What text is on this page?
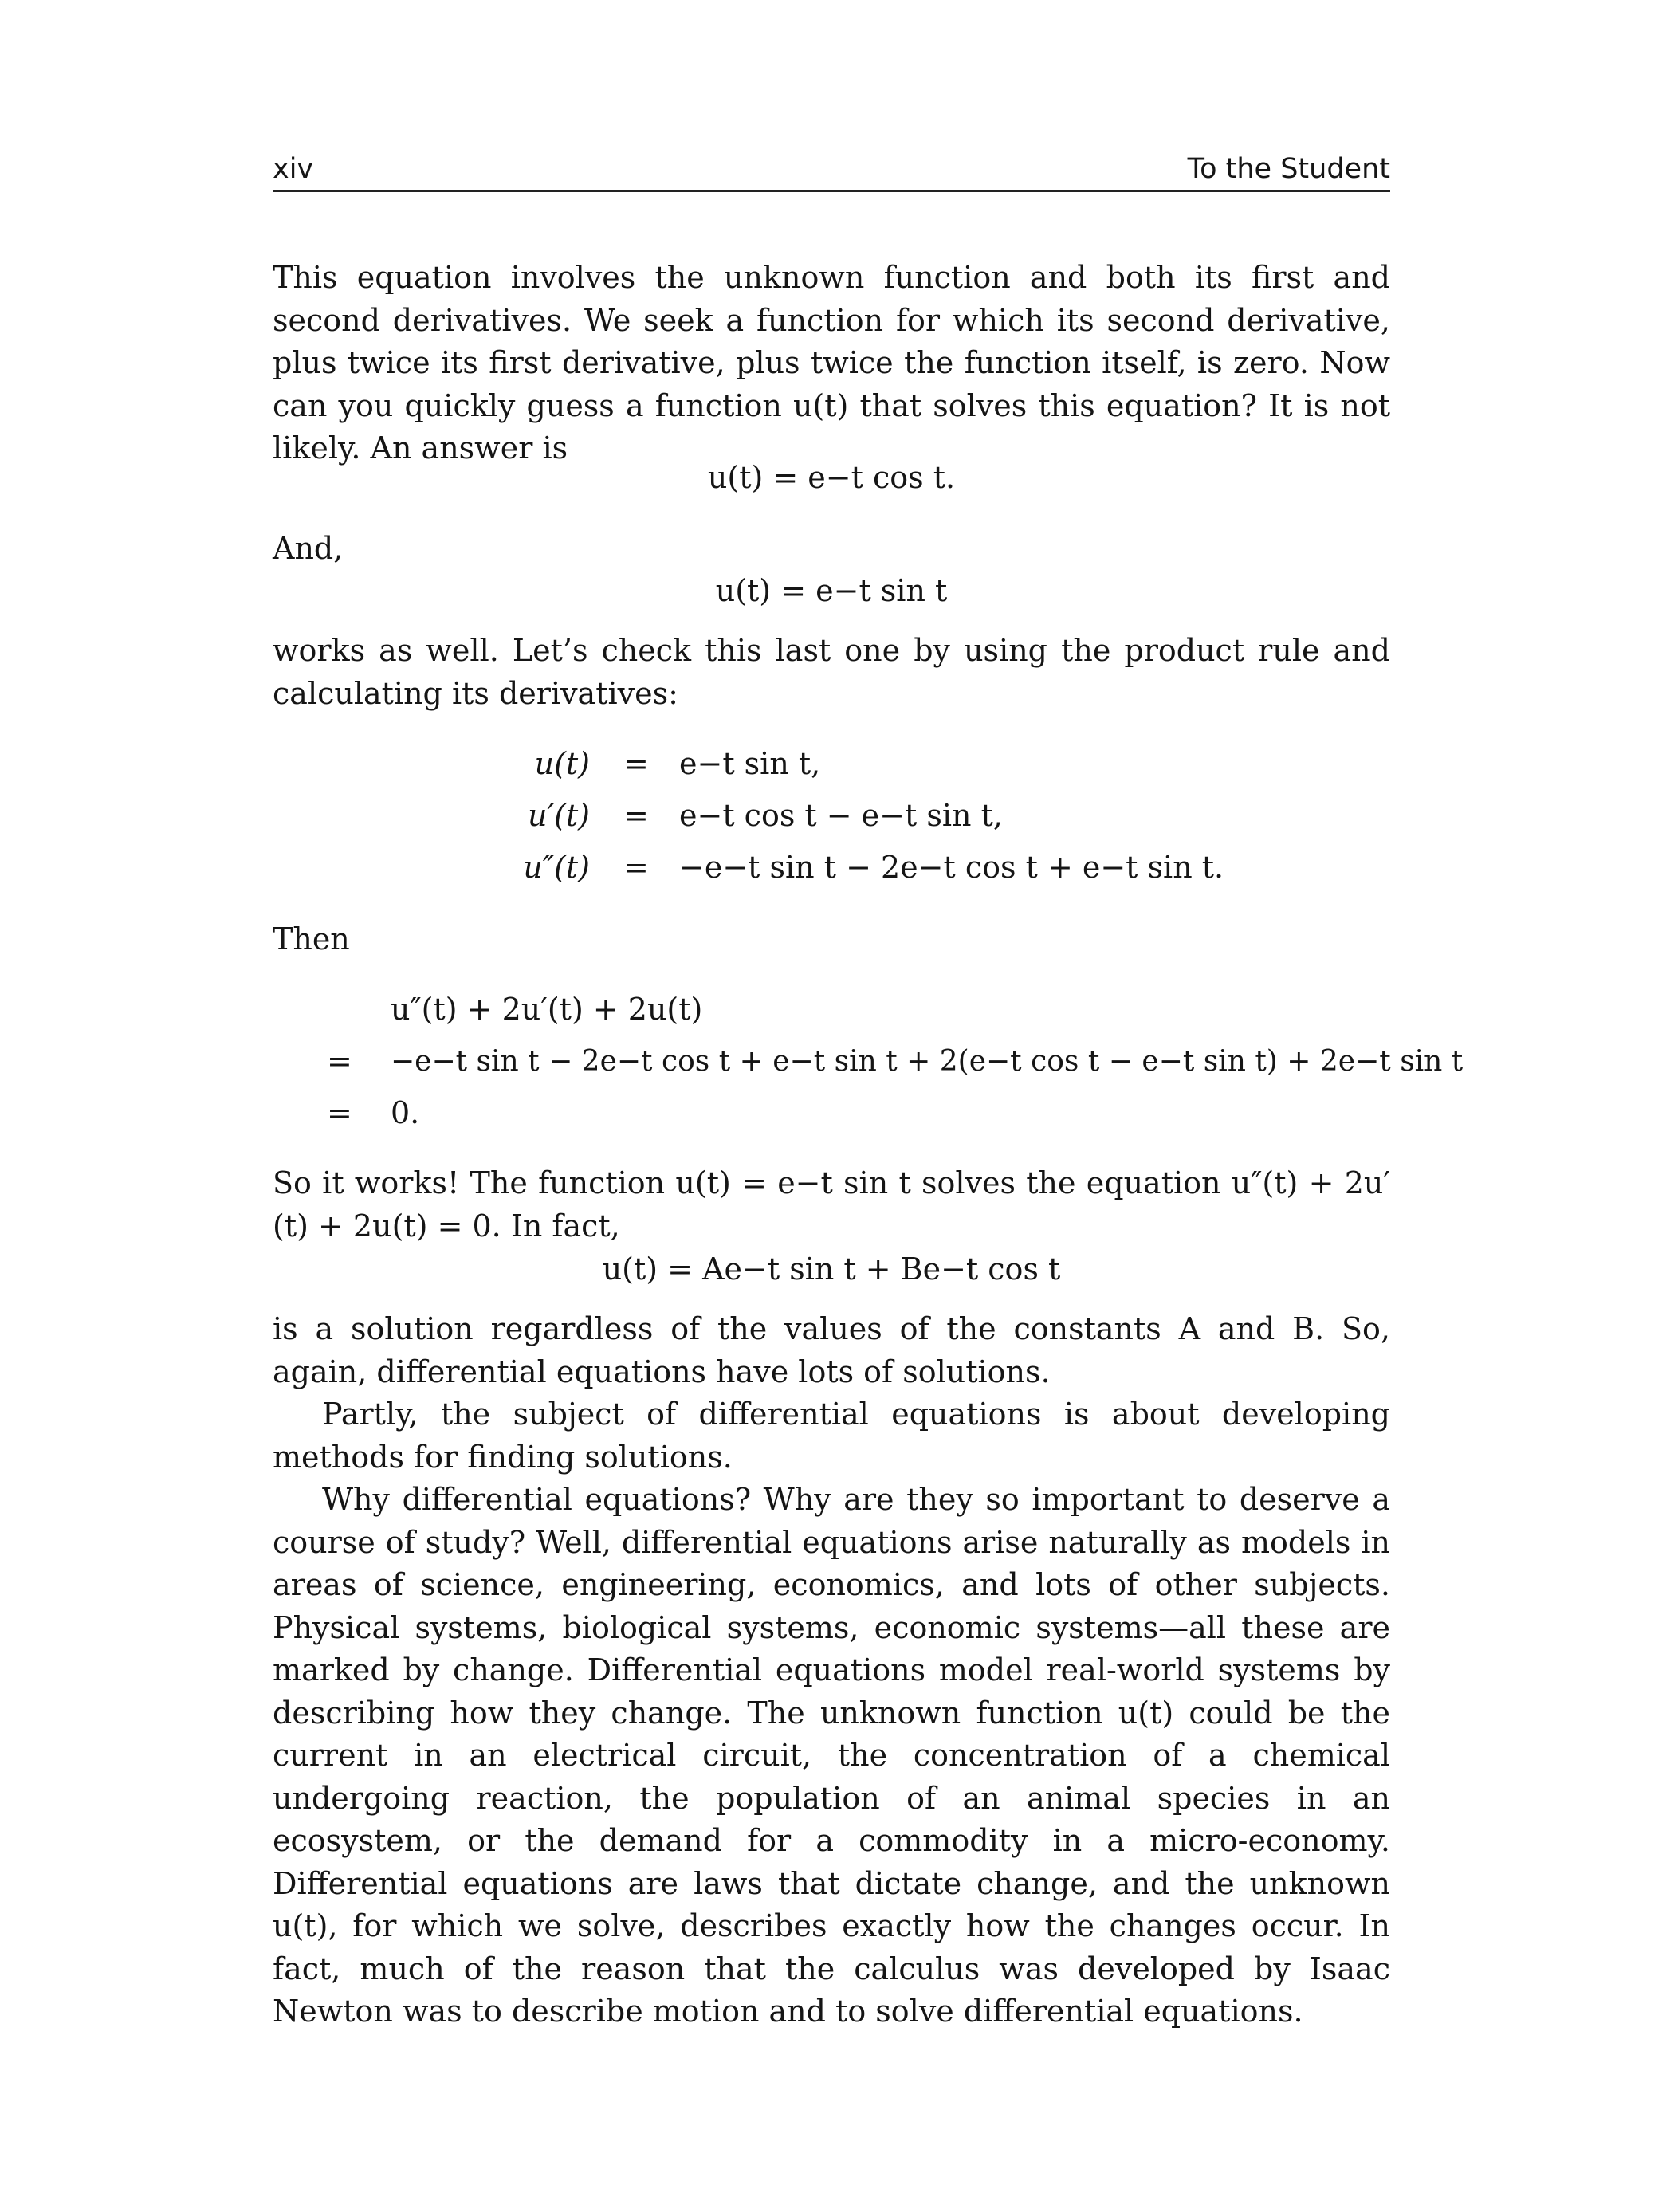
xiv	To the Student

This equation involves the unknown function and both its first and second derivatives. We seek a function for which its second derivative, plus twice its first derivative, plus twice the function itself, is zero. Now can you quickly guess a function u(t) that solves this equation? It is not likely. An answer is

u(t) = e−t cos t.
And,
u(t) = e−t sin t

works as well. Let’s check this last one by using the product rule and calculating its derivatives:

u(t) = e−t sin t,
u′(t) = e−t cos t − e−t sin t,
u″(t) = −e−t sin t − 2e−t cos t + e−t sin t.
Then
u″(t) + 2u′(t) + 2u(t)
= −e−t sin t − 2e−t cos t + e−t sin t + 2(e−t cos t − e−t sin t) + 2e−t sin t
= 0.

So it works! The function u(t) = e−t sin t solves the equation u″(t) + 2u′(t) + 2u(t) = 0. In fact,

u(t) = Ae−t sin t + Be−t cos t

is a solution regardless of the values of the constants A and B. So, again, differential equations have lots of solutions.

Partly, the subject of differential equations is about developing methods for finding solutions.

Why differential equations? Why are they so important to deserve a course of study? Well, differential equations arise naturally as models in areas of science, engineering, economics, and lots of other subjects. Physical systems, biological systems, economic systems—all these are marked by change. Differential equations model real-world systems by describing how they change. The unknown function u(t) could be the current in an electrical circuit, the concentration of a chemical undergoing reaction, the population of an animal species in an ecosystem, or the demand for a commodity in a micro-economy. Differential equations are laws that dictate change, and the unknown u(t), for which we solve, describes exactly how the changes occur. In fact, much of the reason that the calculus was developed by Isaac Newton was to describe motion and to solve differential equations.
